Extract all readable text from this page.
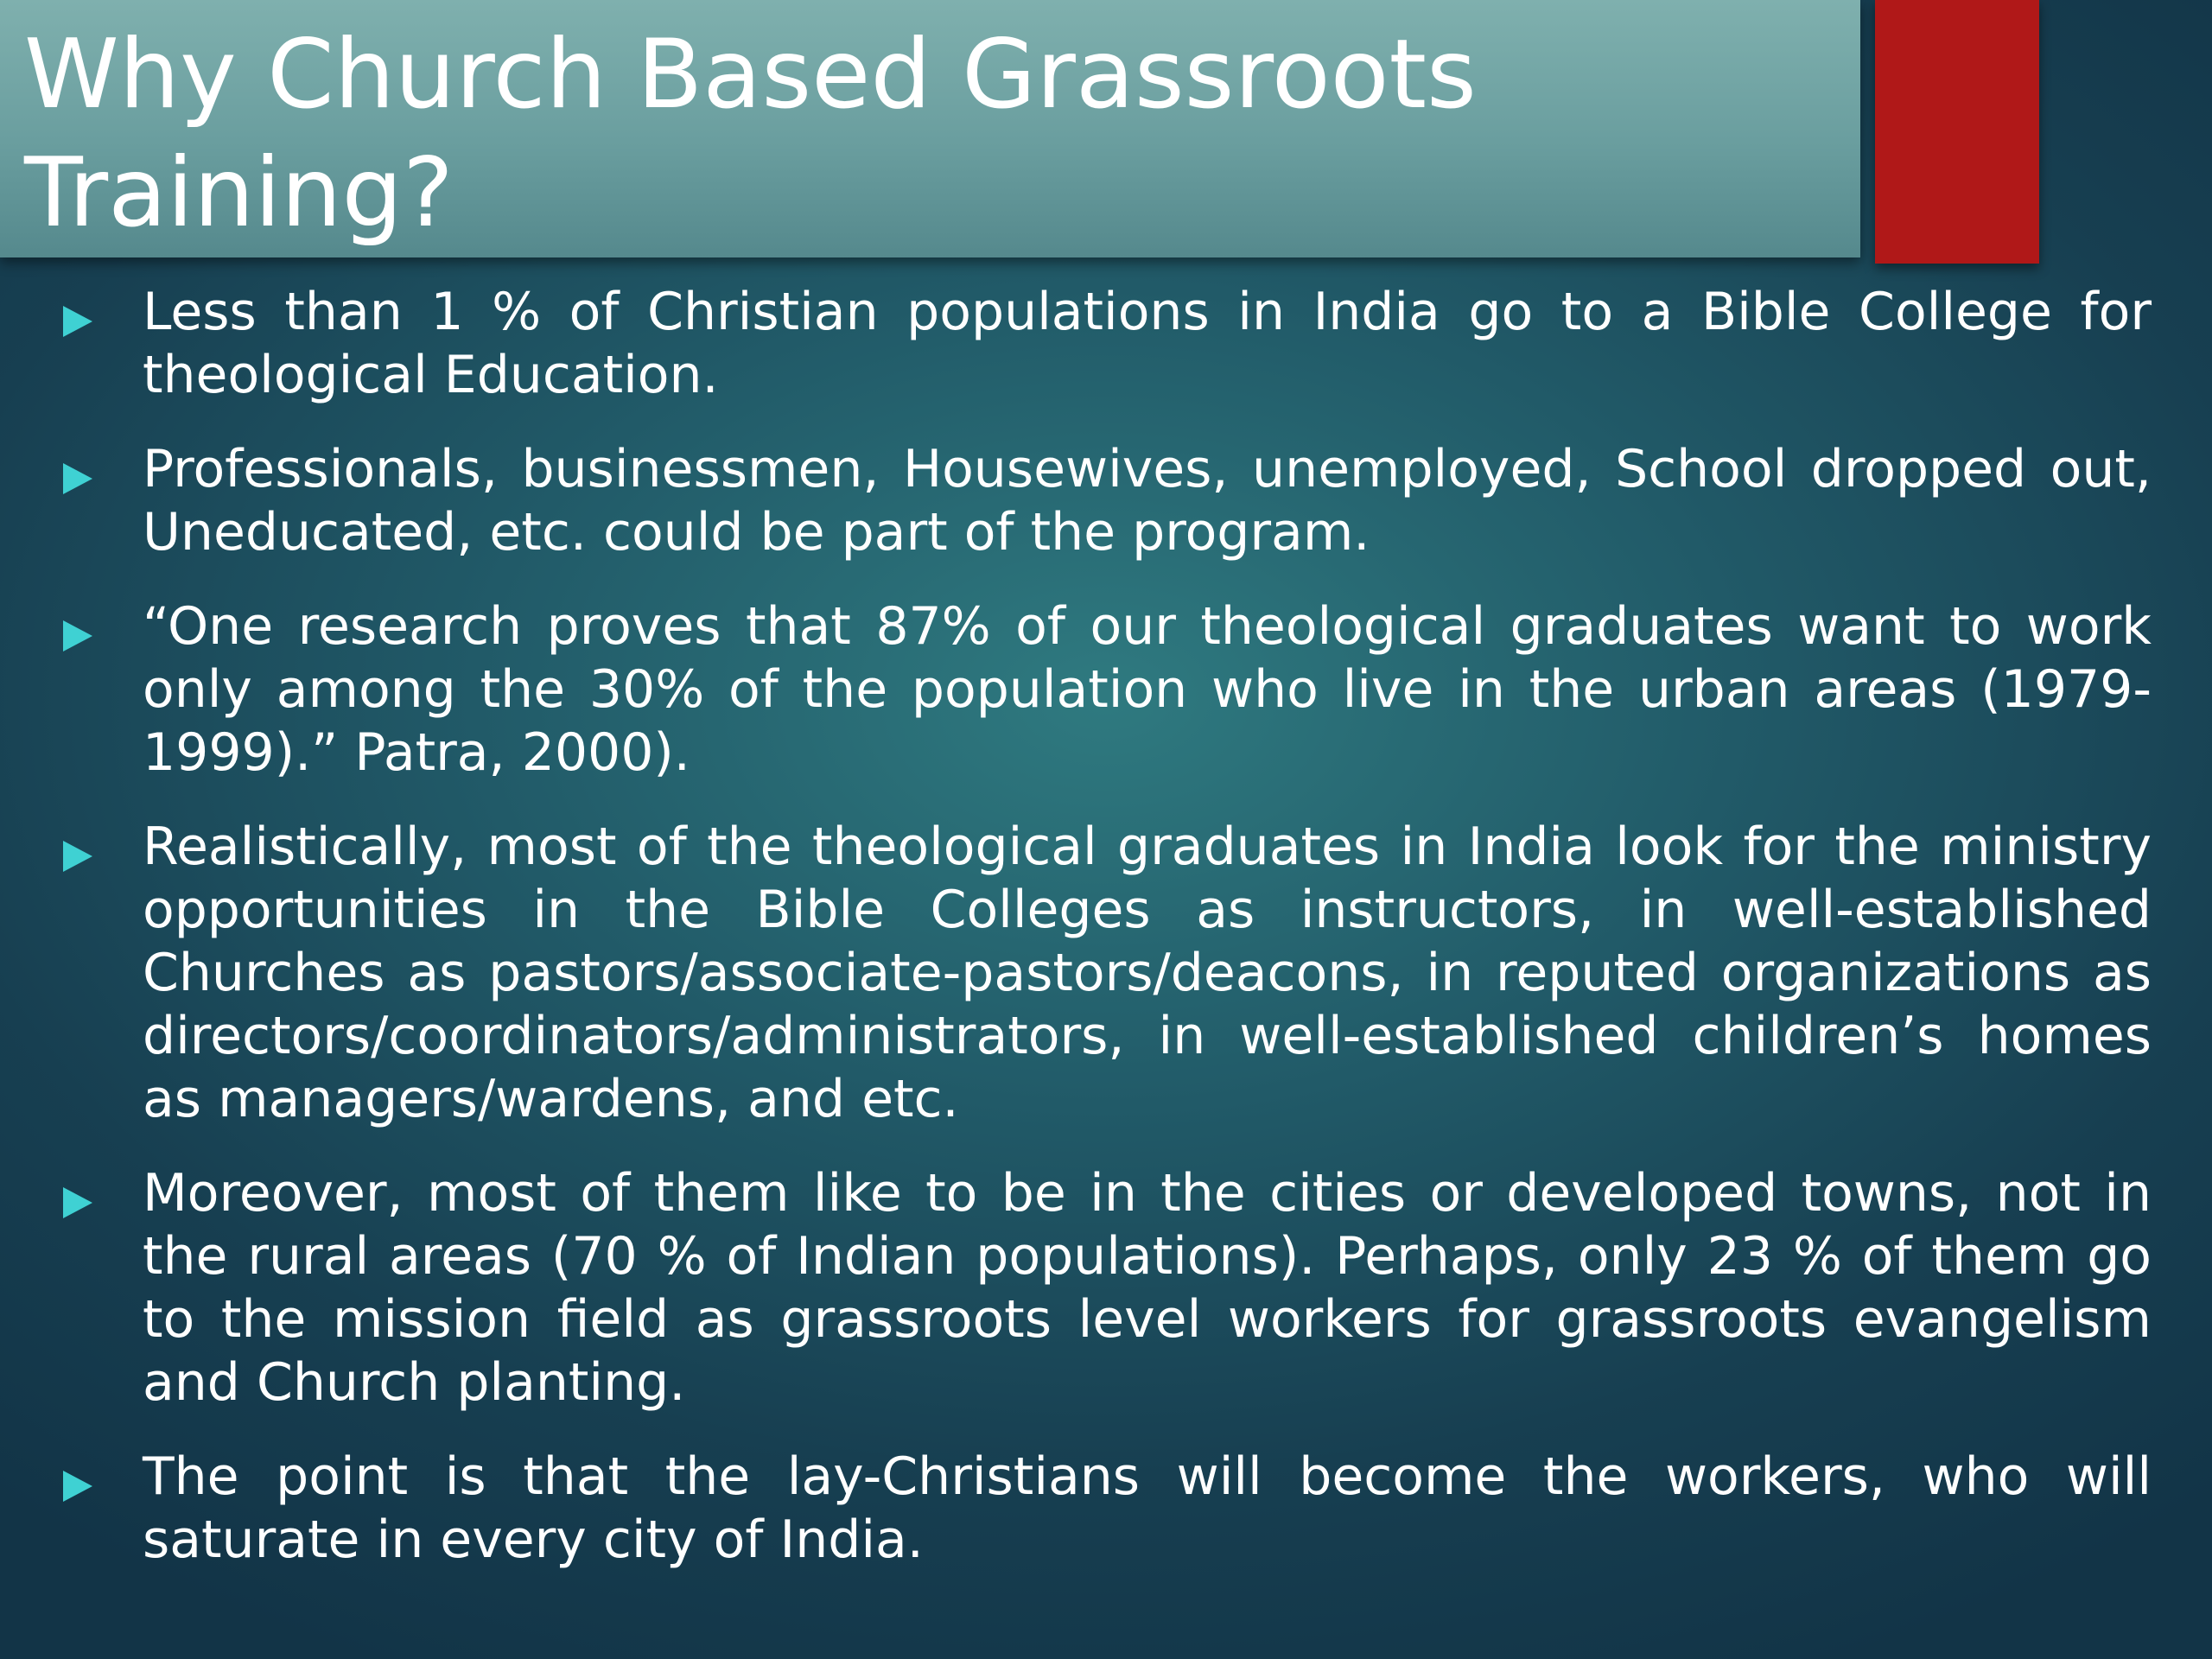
Why Church Based Grassroots Training?
Less than 1 % of Christian populations in India go to a Bible College for theological Education.
Professionals, businessmen, Housewives, unemployed, School dropped out, Uneducated, etc. could be part of the program.
“One research proves that 87% of our theological graduates want to work only among the 30% of the population who live in the urban areas (1979-1999).” Patra, 2000).
Realistically, most of the theological graduates in India look for the ministry opportunities in the Bible Colleges as instructors, in well-established Churches as pastors/associate-pastors/deacons, in reputed organizations as directors/coordinators/administrators, in well-established children’s homes as managers/wardens, and etc.
Moreover, most of them like to be in the cities or developed towns, not in the rural areas (70 % of Indian populations). Perhaps, only 23 % of them go to the mission field as grassroots level workers for grassroots evangelism and Church planting.
The point is that the lay-Christians will become the workers, who will saturate in every city of India.
